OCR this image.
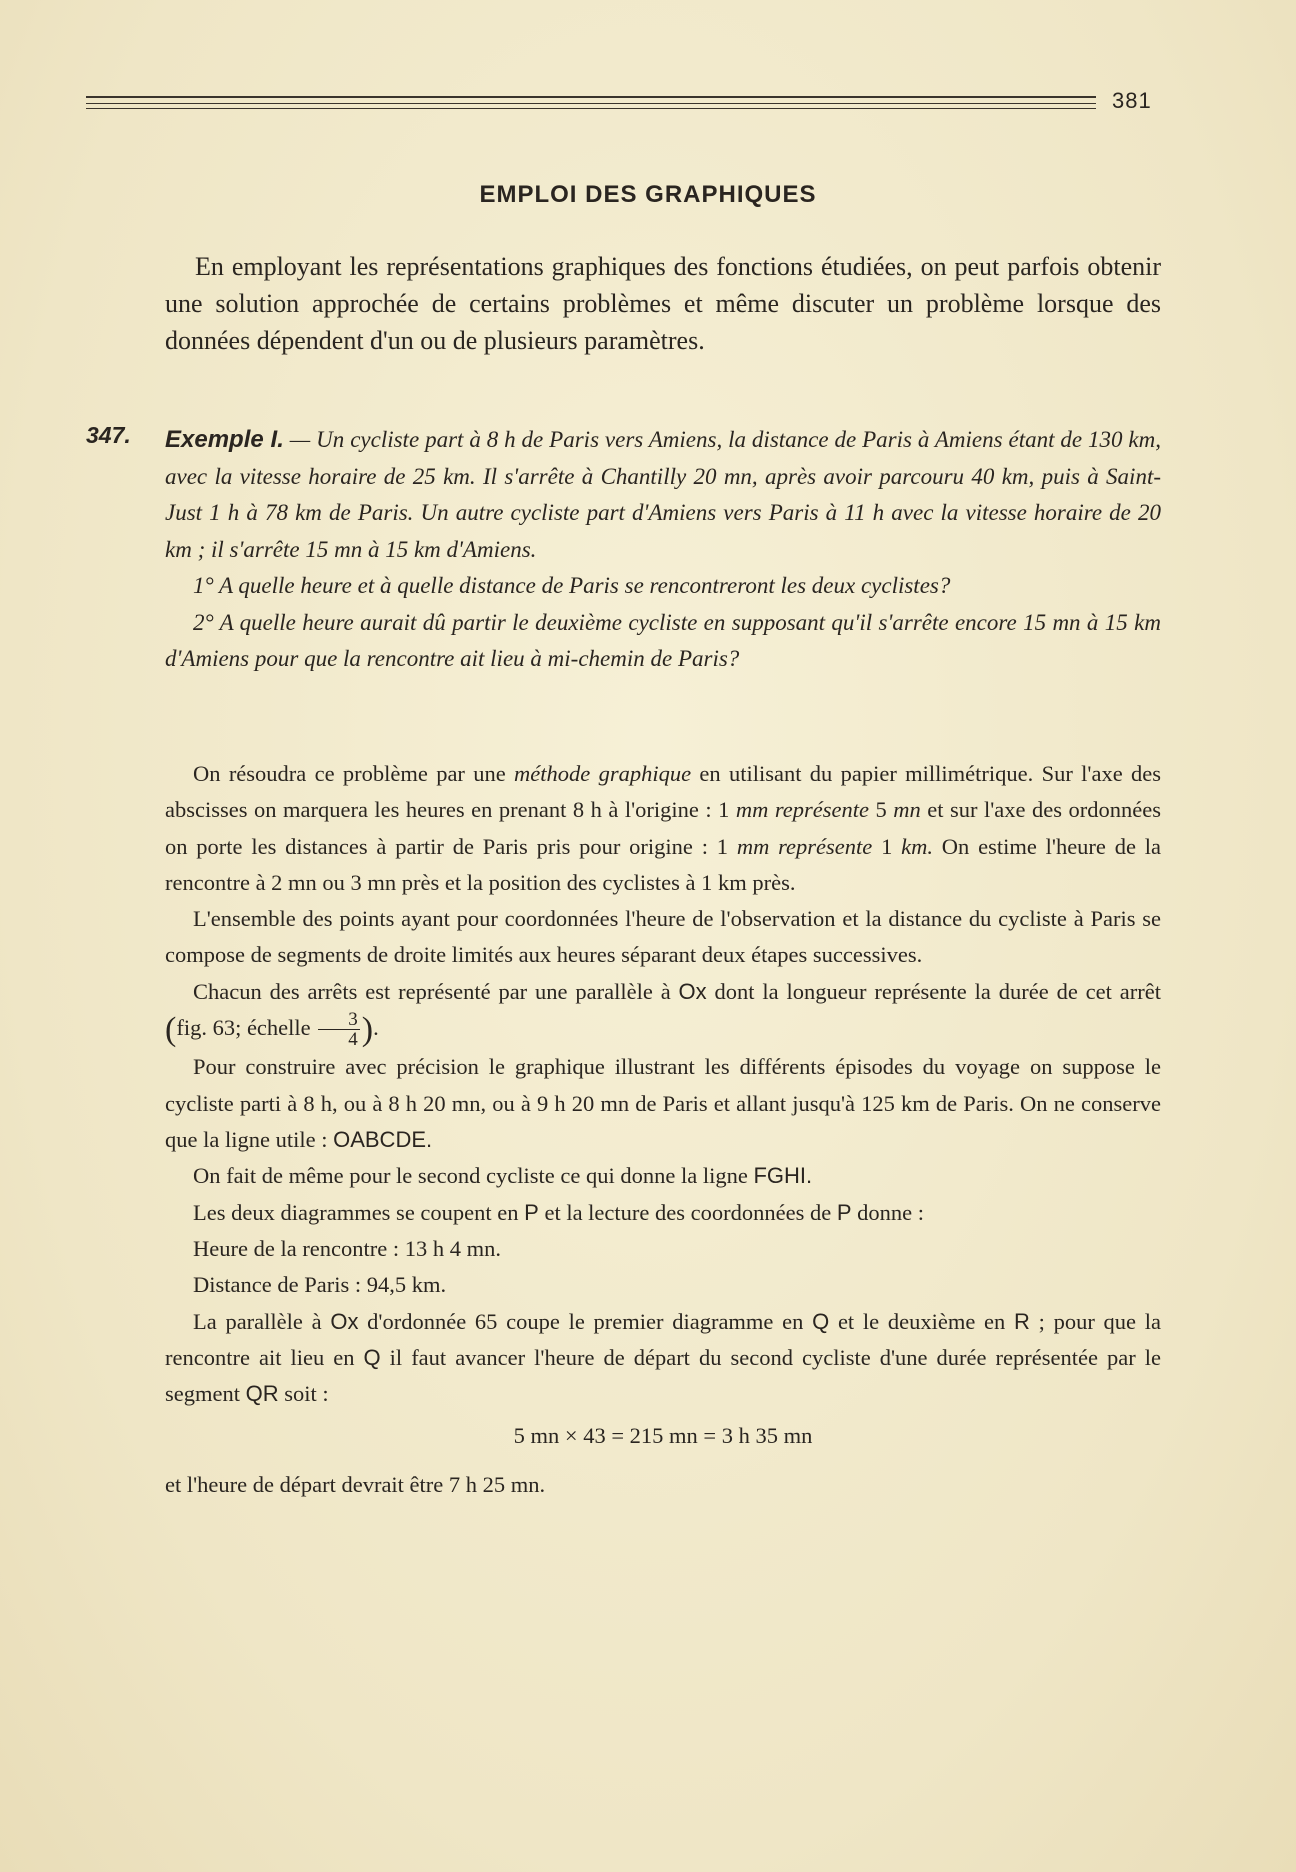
381
EMPLOI DES GRAPHIQUES

En employant les représentations graphiques des fonctions étudiées, on peut parfois obtenir une solution approchée de certains problèmes et même discuter un problème lorsque des données dépendent d'un ou de plusieurs paramètres.

347. Exemple I. — Un cycliste part à 8 h de Paris vers Amiens, la distance de Paris à Amiens étant de 130 km, avec la vitesse horaire de 25 km. Il s'arrête à Chantilly 20 mn, après avoir parcouru 40 km, puis à Saint-Just 1 h à 78 km de Paris. Un autre cycliste part d'Amiens vers Paris à 11 h avec la vitesse horaire de 20 km ; il s'arrête 15 mn à 15 km d'Amiens.

1° A quelle heure et à quelle distance de Paris se rencontreront les deux cyclistes?

2° A quelle heure aurait dû partir le deuxième cycliste en supposant qu'il s'arrête encore 15 mn à 15 km d'Amiens pour que la rencontre ait lieu à mi-chemin de Paris?

On résoudra ce problème par une méthode graphique en utilisant du papier millimétrique. Sur l'axe des abscisses on marquera les heures en prenant 8 h à l'origine : 1 mm représente 5 mn et sur l'axe des ordonnées on porte les distances à partir de Paris pris pour origine : 1 mm représente 1 km. On estime l'heure de la rencontre à 2 mn ou 3 mn près et la position des cyclistes à 1 km près.

L'ensemble des points ayant pour coordonnées l'heure de l'observation et la distance du cycliste à Paris se compose de segments de droite limités aux heures séparant deux étapes successives.

Chacun des arrêts est représenté par une parallèle à Ox dont la longueur représente la durée de cet arrêt (fig. 63; échelle $\frac{3}{4}$ ).

Pour construire avec précision le graphique illustrant les différents épisodes du voyage on suppose le cycliste parti à 8 h, ou à 8 h 20 mn, ou à 9 h 20 mn de Paris et allant jusqu'à 125 km de Paris. On ne conserve que la ligne utile : OABCDE.

On fait de même pour le second cycliste ce qui donne la ligne FGHI.

Les deux diagrammes se coupent en P et la lecture des coordonnées de P donne :

Heure de la rencontre : 13 h 4 mn.

Distance de Paris : 94,5 km.

La parallèle à Ox d'ordonnée 65 coupe le premier diagramme en Q et le deuxième en R ; pour que la rencontre ait lieu en Q il faut avancer l'heure de départ du second cycliste d'une durée représentée par le segment QR soit :

5 mn × 43 = 215 mn = 3 h 35 mn

et l'heure de départ devrait être 7 h 25 mn.
